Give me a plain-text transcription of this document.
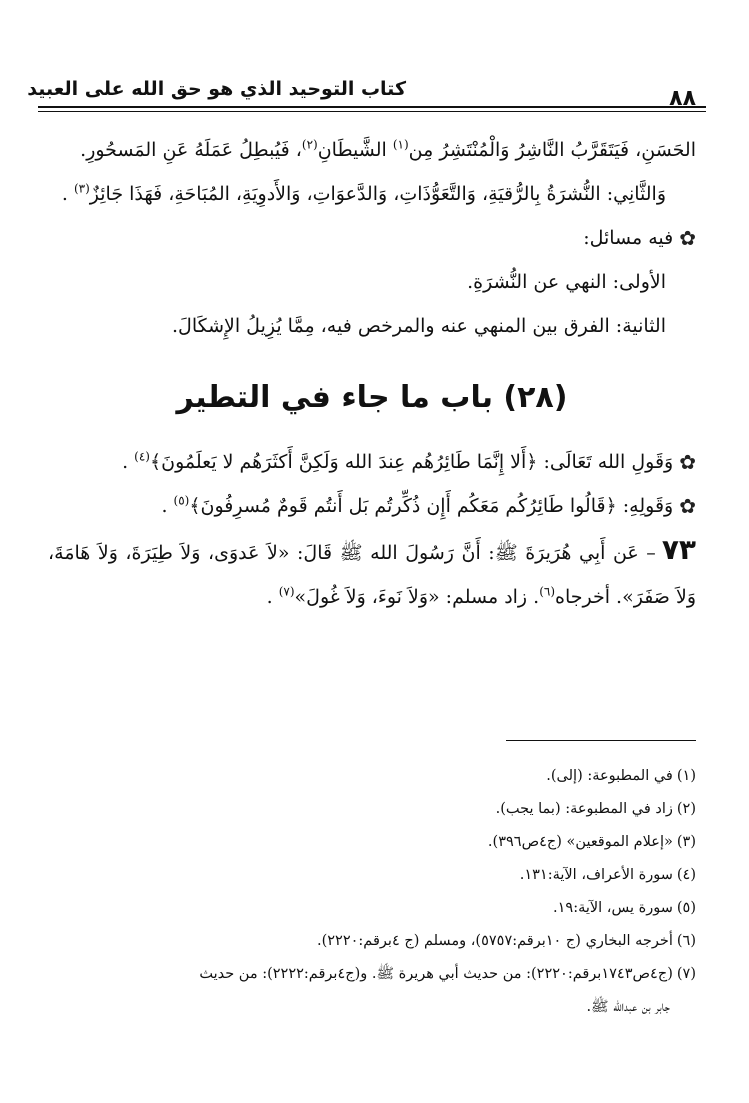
كتاب التوحيد الذي هو حق الله على العبيد	٨٨

الحَسَنِ، فَيَتَقَرَّبُ النَّاشِرُ وَالْمُنْتَشِرُ مِن$^{(١)}$ الشَّيطَانِ$^{(٢)}$، فَيُبطِلُ عَمَلَهُ عَنِ المَسحُورِ.

وَالثَّانِي: النُّشرَةُ بِالرُّقيَةِ، وَالتَّعَوُّذَاتِ، وَالدَّعوَاتِ، وَالأَدوِيَةِ، المُبَاحَةِ، فَهَذَا جَائِزٌ$^{(٣)}$ .

✿فيه مسائل:

الأولى: النهي عن النُّشرَةِ.

الثانية: الفرق بين المنهي عنه والمرخص فيه، مِمَّا يُزِيلُ الإِشكَالَ.

(٢٨) باب ما جاء في التطير

✿وَقَولِ الله تَعَالَى: ﴿أَلا إِنَّمَا طَائِرُهُم عِندَ الله وَلَكِنَّ أَكثَرَهُم لا يَعلَمُونَ﴾$^{(٤)}$ .

✿وَقَولِهِ: ﴿قَالُوا طَائِرُكُم مَعَكُم أَإِن ذُكِّرتُم بَل أَنتُم قَومٌ مُسرِفُونَ﴾$^{(٥)}$ .

٧٣– عَن أَبِي هُرَيرَةَ ﷺ: أَنَّ رَسُولَ الله ﷺ قَالَ: «لاَ عَدوَى، وَلاَ طِيَرَةَ، وَلاَ هَامَةَ، وَلاَ صَفَرَ». أخرجاه$^{(٦)}$. زاد مسلم: «وَلاَ نَوءَ، وَلاَ غُولَ»$^{(٧)}$ .

(١)في المطبوعة: (إلى).

(٢)زاد في المطبوعة: (بما يجب).

(٣)«إعلام الموقعين» (ج٤ص٣٩٦).

(٤)سورة الأعراف، الآية:١٣١.

(٥)سورة يس، الآية:١٩.

(٦)أخرجه البخاري (ج ١٠برقم:٥٧٥٧)، ومسلم (ج ٤برقم:٢٢٢٠).

(٧)(ج٤ص١٧٤٣برقم:٢٢٢٠): من حديث أبي هريرة ﷺ. و(ج٤برقم:٢٢٢٢): من حديث

جابر بن عبدالله ﷺ.
